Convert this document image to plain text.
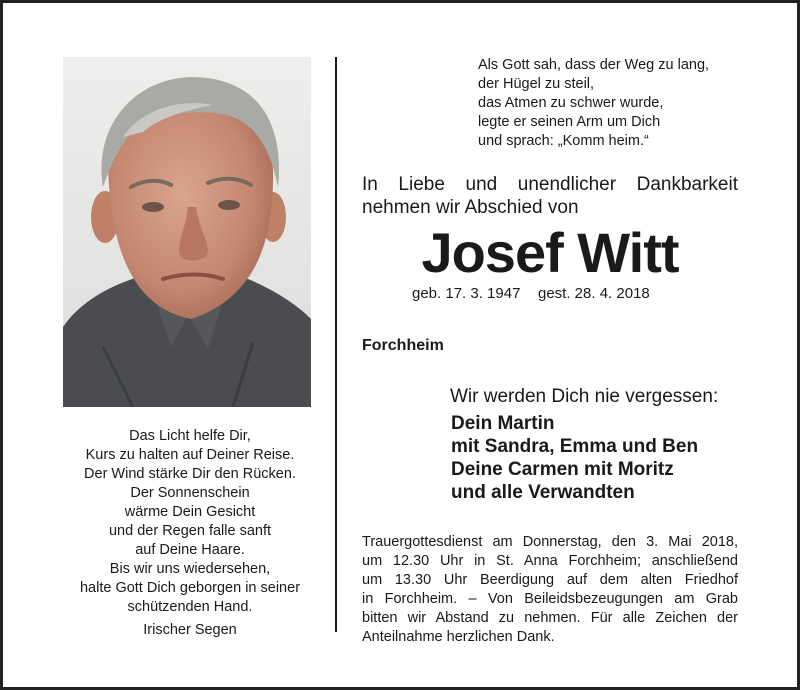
Als Gott sah, dass der Weg zu lang,
der Hügel zu steil,
das Atmen zu schwer wurde,
legte er seinen Arm um Dich
und sprach: „Komm heim.“
In Liebe und unendlicher Dankbarkeit
nehmen wir Abschied von
Josef Witt
geb. 17. 3. 1947 gest. 28. 4. 2018
Forchheim
Wir werden Dich nie vergessen:
Dein Martin
mit Sandra, Emma und Ben
Deine Carmen mit Moritz
und alle Verwandten
Das Licht helfe Dir,
Kurs zu halten auf Deiner Reise.
Der Wind stärke Dir den Rücken.
Der Sonnenschein
wärme Dein Gesicht
und der Regen falle sanft
auf Deine Haare.
Bis wir uns wiedersehen,
halte Gott Dich geborgen in seiner
schützenden Hand.
Irischer Segen
Trauergottesdienst am Donnerstag, den 3. Mai 2018,
um 12.30 Uhr in St. Anna Forchheim; anschließend
um 13.30 Uhr Beerdigung auf dem alten Friedhof
in Forchheim. – Von Beileidsbezeugungen am Grab
bitten wir Abstand zu nehmen. Für alle Zeichen der
Anteilnahme herzlichen Dank.
